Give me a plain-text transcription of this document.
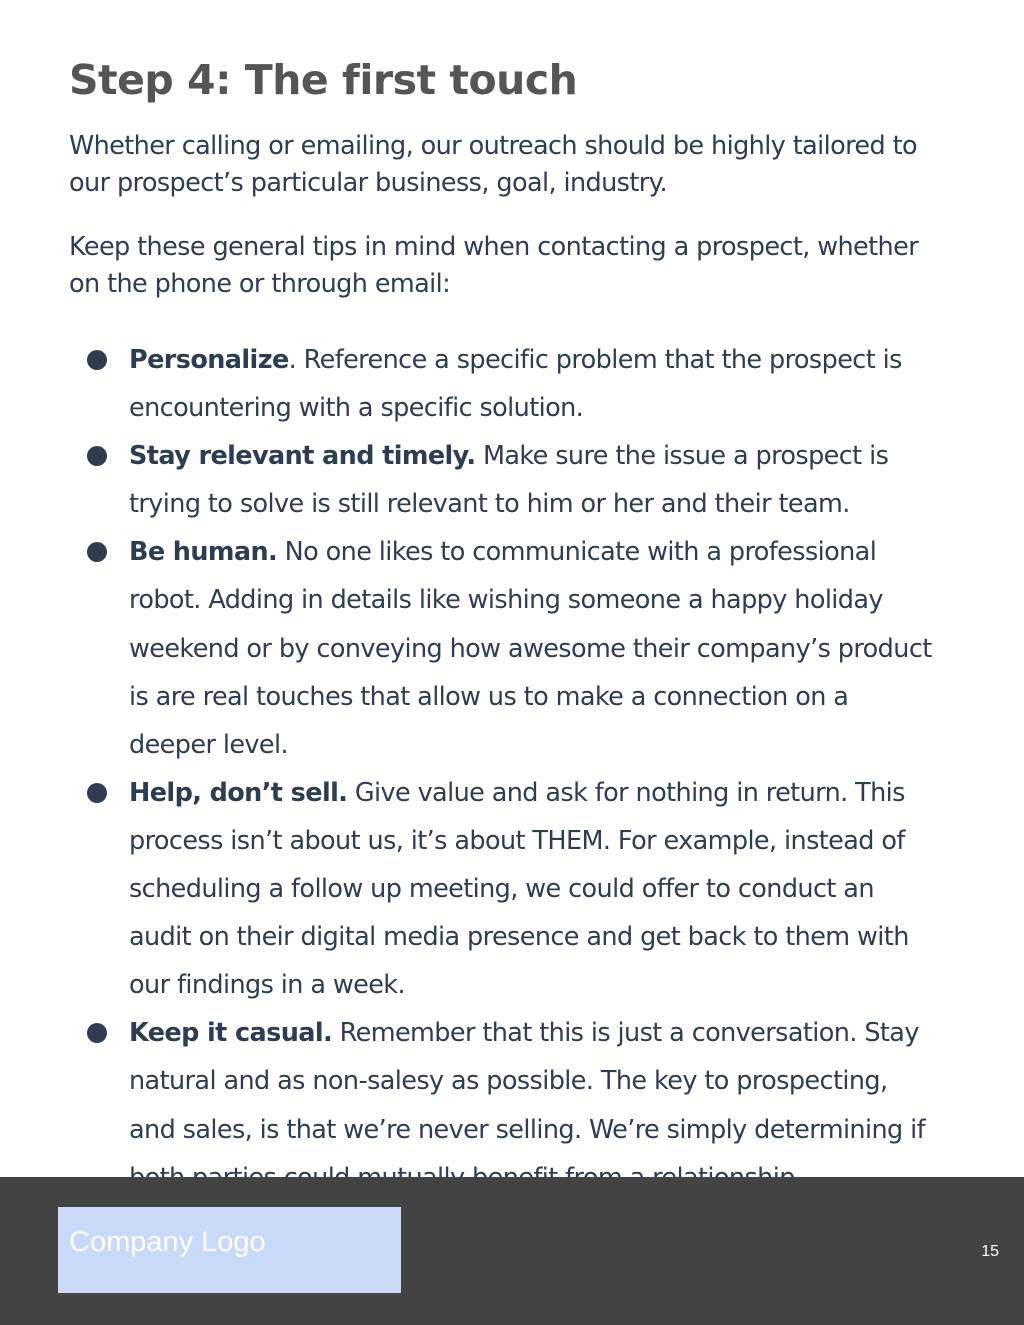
Step 4: The first touch

Whether calling or emailing, our outreach should be highly tailored to our prospect’s particular business, goal, industry.

Keep these general tips in mind when contacting a prospect, whether on the phone or through email:

Personalize. Reference a specific problem that the prospect is encountering with a specific solution.
Stay relevant and timely. Make sure the issue a prospect is trying to solve is still relevant to him or her and their team.
Be human. No one likes to communicate with a professional robot. Adding in details like wishing someone a happy holiday weekend or by conveying how awesome their company’s product is are real touches that allow us to make a connection on a deeper level.
Help, don’t sell. Give value and ask for nothing in return. This process isn’t about us, it’s about THEM. For example, instead of scheduling a follow up meeting, we could offer to conduct an audit on their digital media presence and get back to them with our findings in a week.
Keep it casual. Remember that this is just a conversation. Stay natural and as non-salesy as possible. The key to prospecting, and sales, is that we’re never selling. We’re simply determining if
Company Logo	15
